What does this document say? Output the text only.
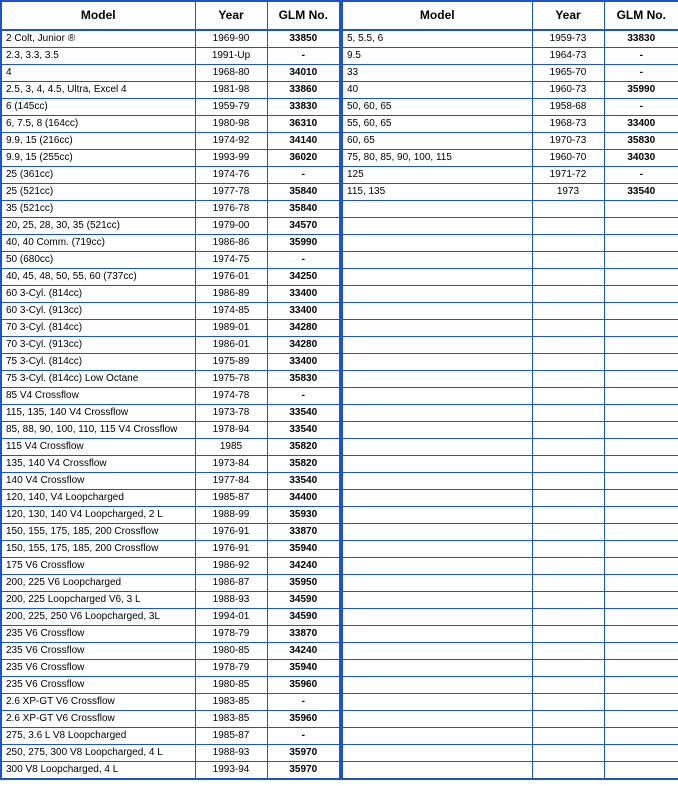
Model	Year	GLM No.
2 Colt, Junior ®	1969-90	33850
2.3, 3.3, 3.5	1991-Up	-
4	1968-80	34010
2.5, 3, 4, 4.5, Ultra, Excel 4	1981-98	33860
6 (145cc)	1959-79	33830
6, 7.5, 8 (164cc)	1980-98	36310
9.9, 15 (216cc)	1974-92	34140
9.9, 15 (255cc)	1993-99	36020
25 (361cc)	1974-76	-
25 (521cc)	1977-78	35840
35 (521cc)	1976-78	35840
20, 25, 28, 30, 35 (521cc)	1979-00	34570
40, 40 Comm. (719cc)	1986-86	35990
50 (680cc)	1974-75	-
40, 45, 48, 50, 55, 60 (737cc)	1976-01	34250
60 3-Cyl. (814cc)	1986-89	33400
60 3-Cyl. (913cc)	1974-85	33400
70 3-Cyl. (814cc)	1989-01	34280
70 3-Cyl. (913cc)	1986-01	34280
75 3-Cyl. (814cc)	1975-89	33400
75 3-Cyl. (814cc) Low Octane	1975-78	35830
85 V4 Crossflow	1974-78	-
115, 135, 140 V4 Crossflow	1973-78	33540
85, 88, 90, 100, 110, 115 V4 Crossflow	1978-94	33540
115 V4 Crossflow	1985	35820
135, 140 V4 Crossflow	1973-84	35820
140 V4 Crossflow	1977-84	33540
120, 140, V4 Loopcharged	1985-87	34400
120, 130, 140 V4 Loopcharged, 2 L	1988-99	35930
150, 155, 175, 185, 200 Crossflow	1976-91	33870
150, 155, 175, 185, 200 Crossflow	1976-91	35940
175 V6 Crossflow	1986-92	34240
200, 225 V6 Loopcharged	1986-87	35950
200, 225 Loopcharged V6, 3 L	1988-93	34590
200, 225, 250 V6 Loopcharged, 3L	1994-01	34590
235 V6 Crossflow	1978-79	33870
235 V6 Crossflow	1980-85	34240
235 V6 Crossflow	1978-79	35940
235 V6 Crossflow	1980-85	35960
2.6 XP-GT V6 Crossflow	1983-85	-
2.6 XP-GT V6 Crossflow	1983-85	35960
275, 3.6 L V8 Loopcharged	1985-87	-
250, 275, 300 V8 Loopcharged, 4 L	1988-93	35970
300 V8 Loopcharged, 4 L	1993-94	35970
Model	Year	GLM No.
5, 5.5, 6	1959-73	33830
9.5	1964-73	-
33	1965-70	-
40	1960-73	35990
50, 60, 65	1958-68	-
55, 60, 65	1968-73	33400
60, 65	1970-73	35830
75, 80, 85, 90, 100, 115	1960-70	34030
125	1971-72	-
115, 135	1973	33540
